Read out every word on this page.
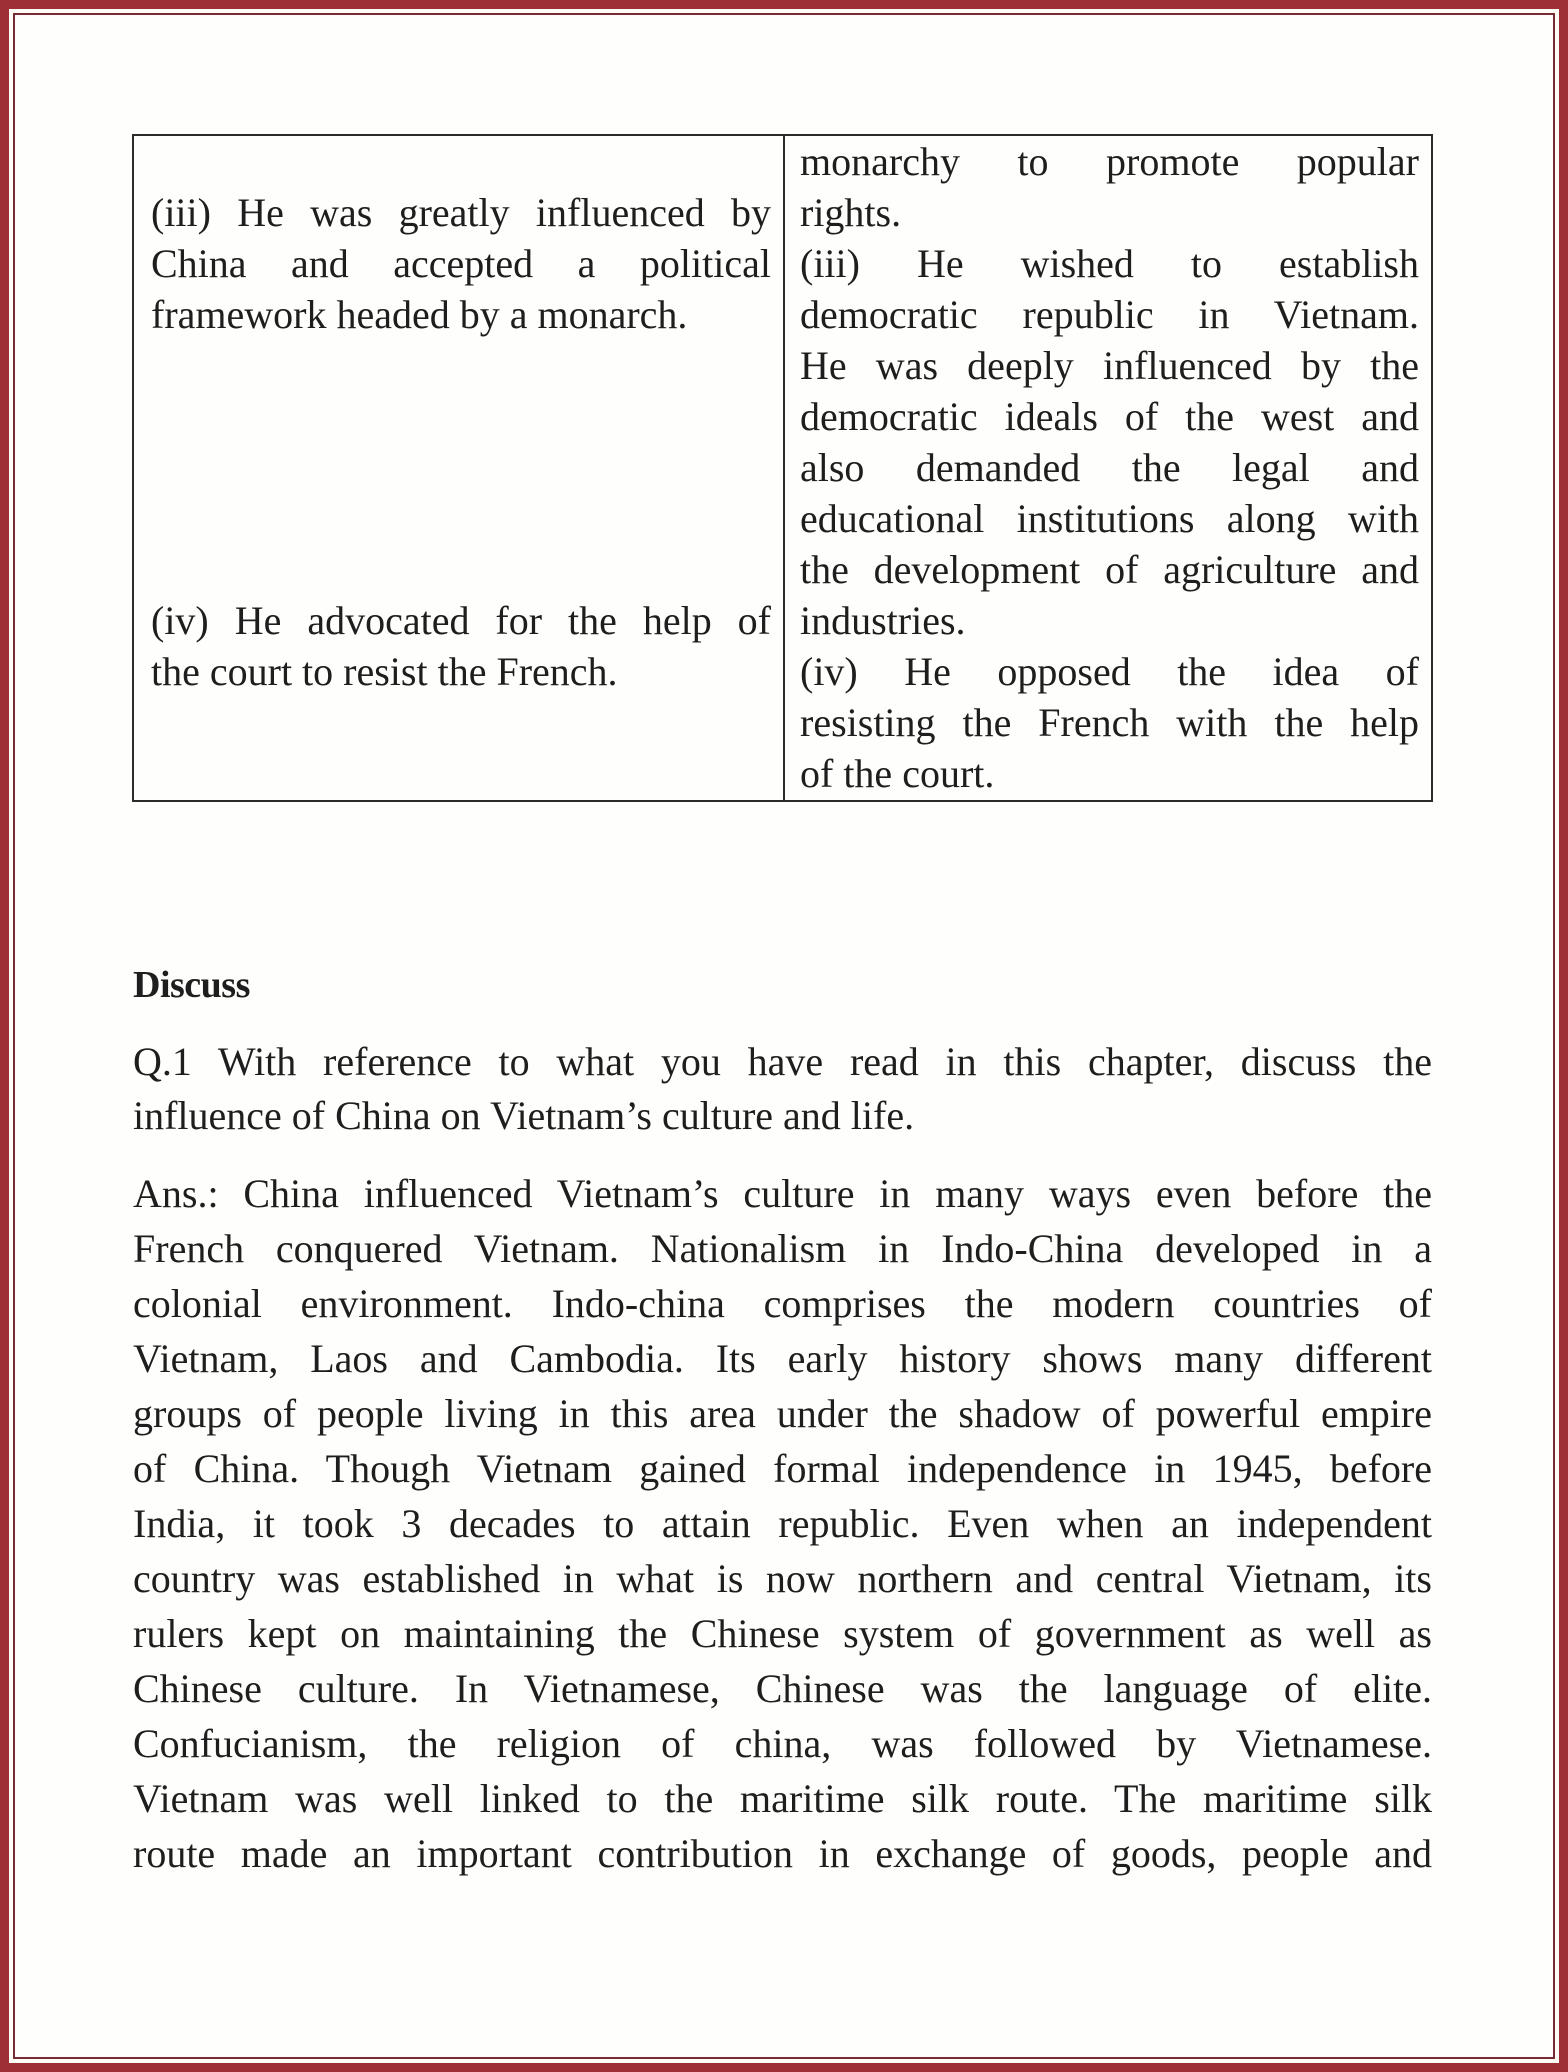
(iii) He was greatly influenced by
China and accepted a political
framework headed by a monarch.
(iv) He advocated for the help of
the court to resist the French.
monarchy to promote popular
rights.
(iii) He wished to establish
democratic republic in Vietnam.
He was deeply influenced by the
democratic ideals of the west and
also demanded the legal and
educational institutions along with
the development of agriculture and
industries.
(iv) He opposed the idea of
resisting the French with the help
of the court.
Discuss
Q.1 With reference to what you have read in this chapter, discuss the
influence of China on Vietnam’s culture and life.
Ans.: China influenced Vietnam’s culture in many ways even before the
French conquered Vietnam. Nationalism in Indo-China developed in a
colonial environment. Indo-china comprises the modern countries of
Vietnam, Laos and Cambodia. Its early history shows many different
groups of people living in this area under the shadow of powerful empire
of China. Though Vietnam gained formal independence in 1945, before
India, it took 3 decades to attain republic. Even when an independent
country was established in what is now northern and central Vietnam, its
rulers kept on maintaining the Chinese system of government as well as
Chinese culture. In Vietnamese, Chinese was the language of elite.
Confucianism, the religion of china, was followed by Vietnamese.
Vietnam was well linked to the maritime silk route. The maritime silk
route made an important contribution in exchange of goods, people and
